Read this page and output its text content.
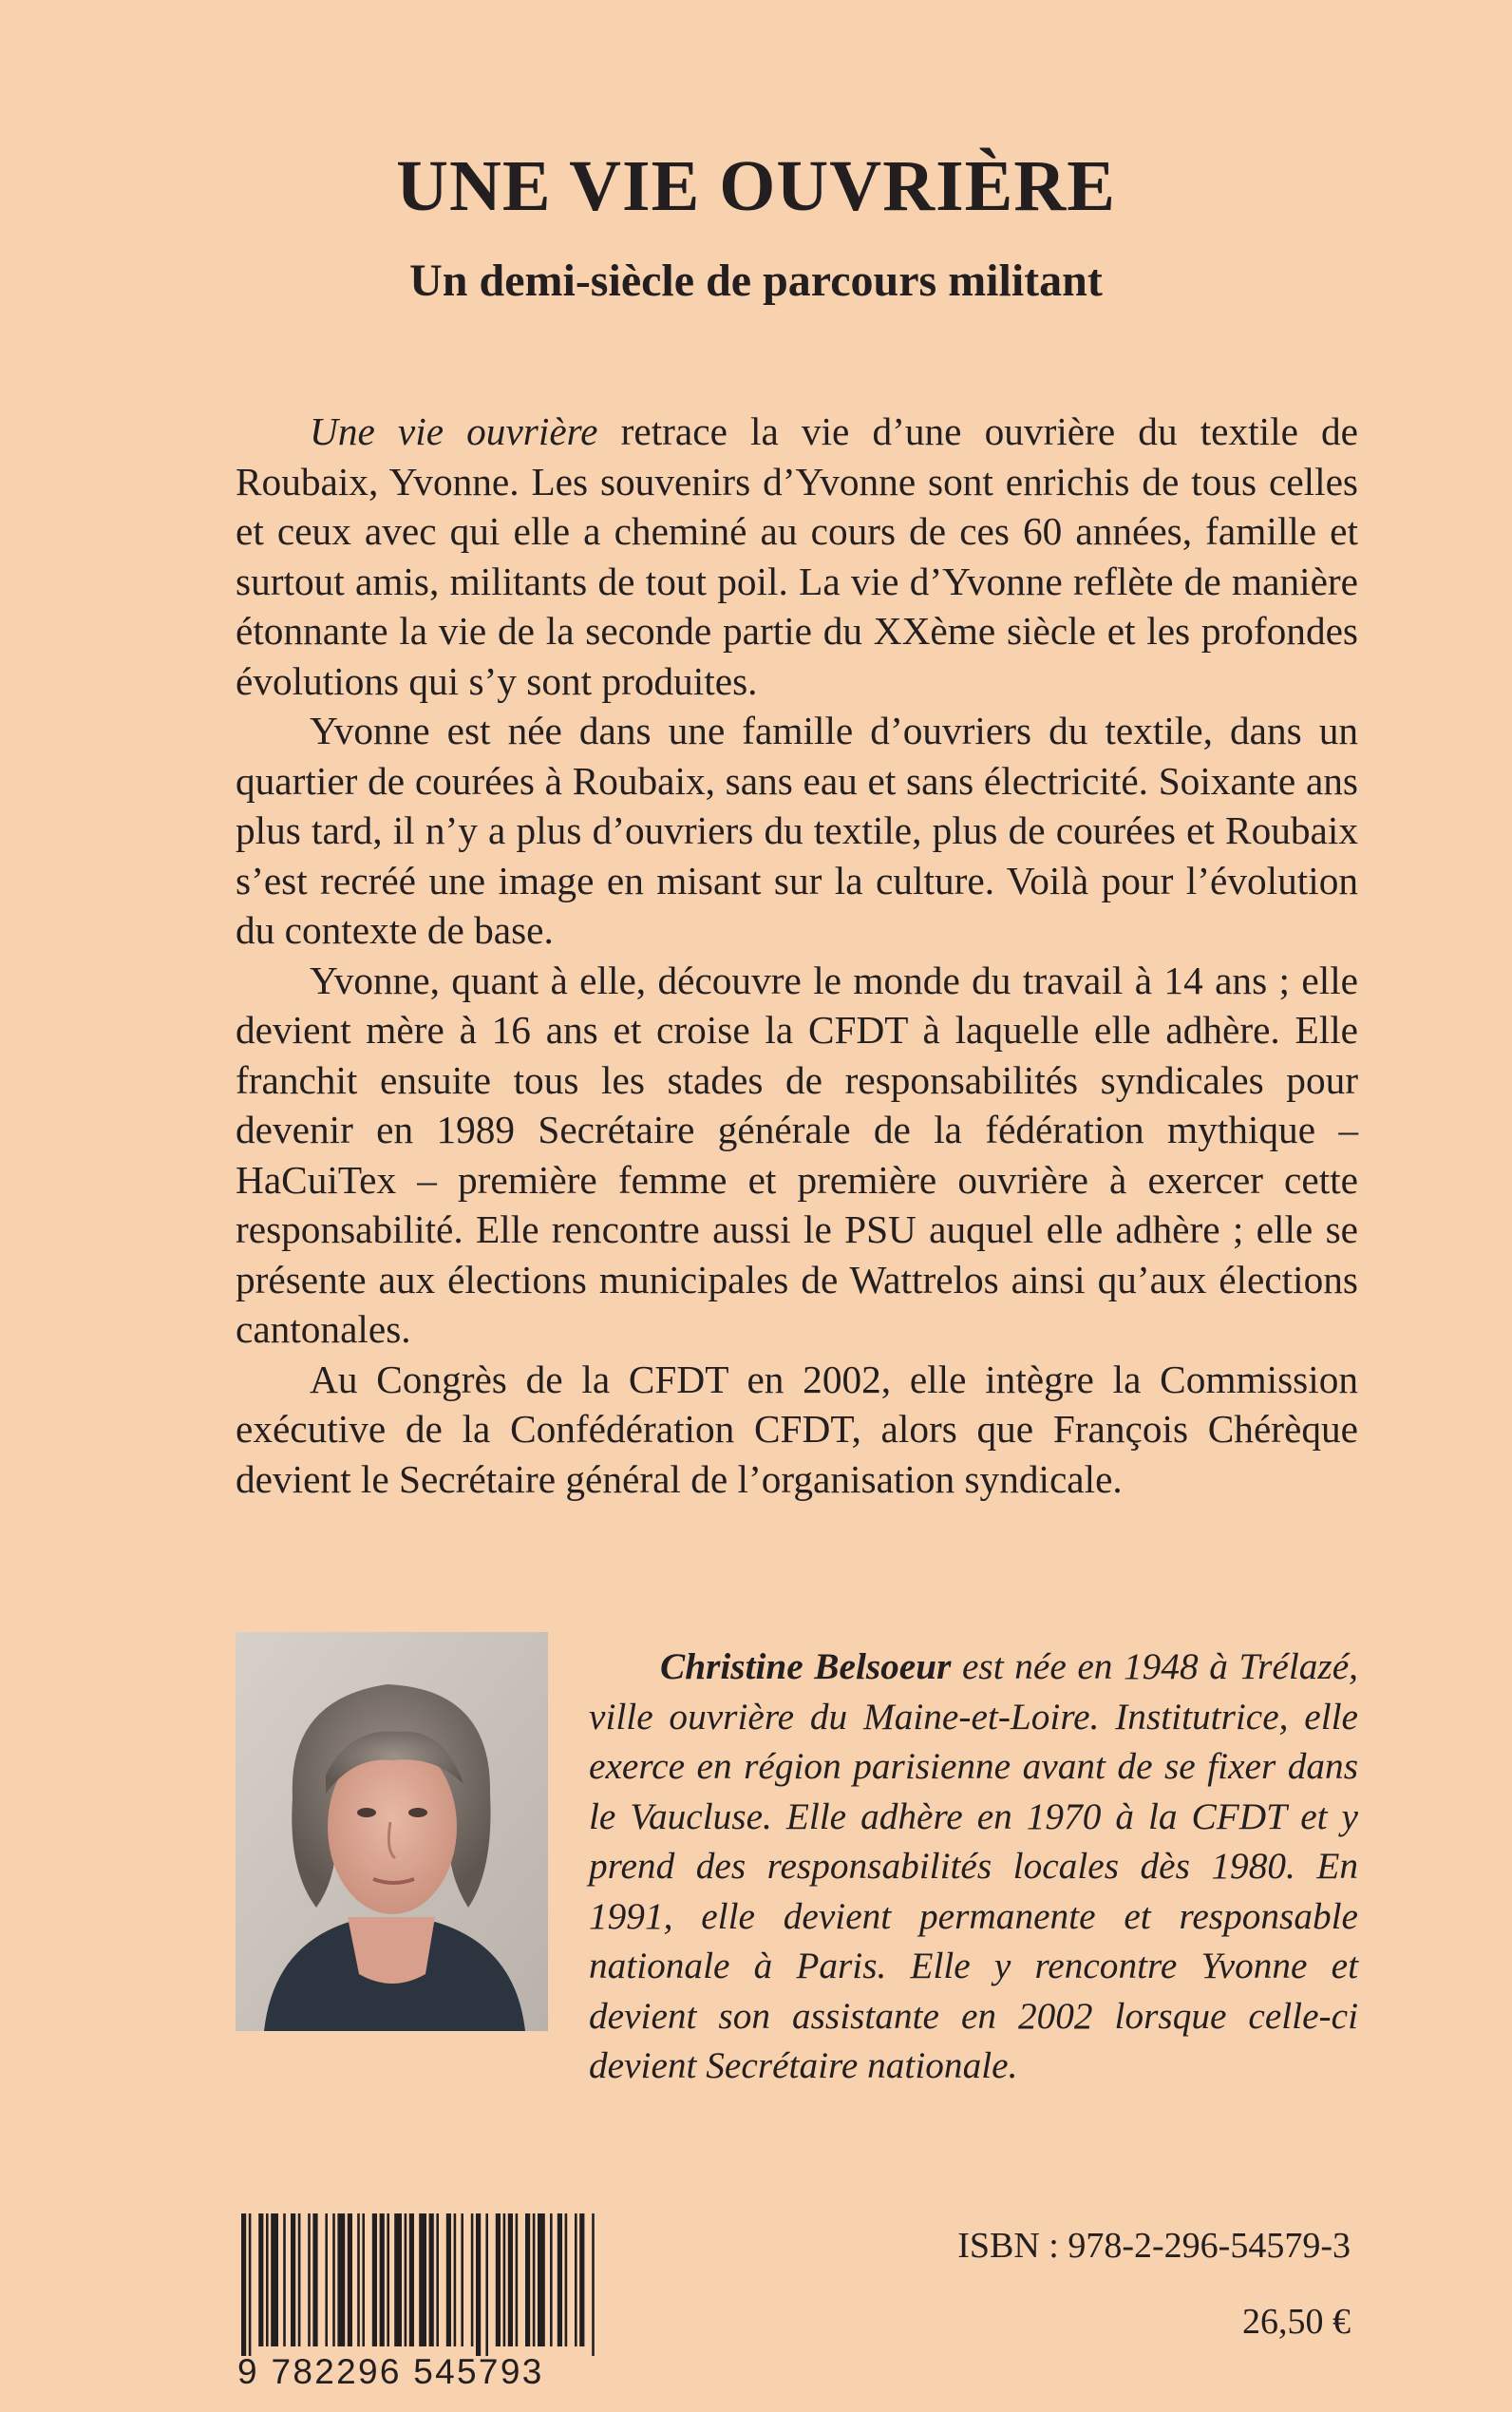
UNE VIE OUVRIÈRE
Un demi-siècle de parcours militant

Une vie ouvrière retrace la vie d’une ouvrière du textile de Roubaix, Yvonne. Les souvenirs d’Yvonne sont enrichis de tous celles et ceux avec qui elle a cheminé au cours de ces 60 années, famille et surtout amis, militants de tout poil. La vie d’Yvonne reflète de manière étonnante la vie de la seconde partie du XXème siècle et les profondes évolutions qui s’y sont produites.

Yvonne est née dans une famille d’ouvriers du textile, dans un quartier de courées à Roubaix, sans eau et sans électricité. Soixante ans plus tard, il n’y a plus d’ouvriers du textile, plus de courées et Roubaix s’est recréé une image en misant sur la culture. Voilà pour l’évolution du contexte de base.

Yvonne, quant à elle, découvre le monde du travail à 14 ans ; elle devient mère à 16 ans et croise la CFDT à laquelle elle adhère. Elle franchit ensuite tous les stades de responsabilités syndicales pour devenir en 1989 Secrétaire générale de la fédération mythique – HaCuiTex – première femme et première ouvrière à exercer cette responsabilité. Elle rencontre aussi le PSU auquel elle adhère ; elle se présente aux élections municipales de Wattrelos ainsi qu’aux élections cantonales.

Au Congrès de la CFDT en 2002, elle intègre la Commission exécutive de la Confédération CFDT, alors que François Chérèque devient le Secrétaire général de l’organisation syndicale.

Christine Belsoeur est née en 1948 à Trélazé, ville ouvrière du Maine-et-Loire. Institutrice, elle exerce en région parisienne avant de se fixer dans le Vaucluse. Elle adhère en 1970 à la CFDT et y prend des responsabilités locales dès 1980. En 1991, elle devient permanente et responsable nationale à Paris. Elle y rencontre Yvonne et devient son assistante en 2002 lorsque celle-ci devient Secrétaire nationale.

9 782296 545793
ISBN : 978-2-296-54579-3
26,50 €
